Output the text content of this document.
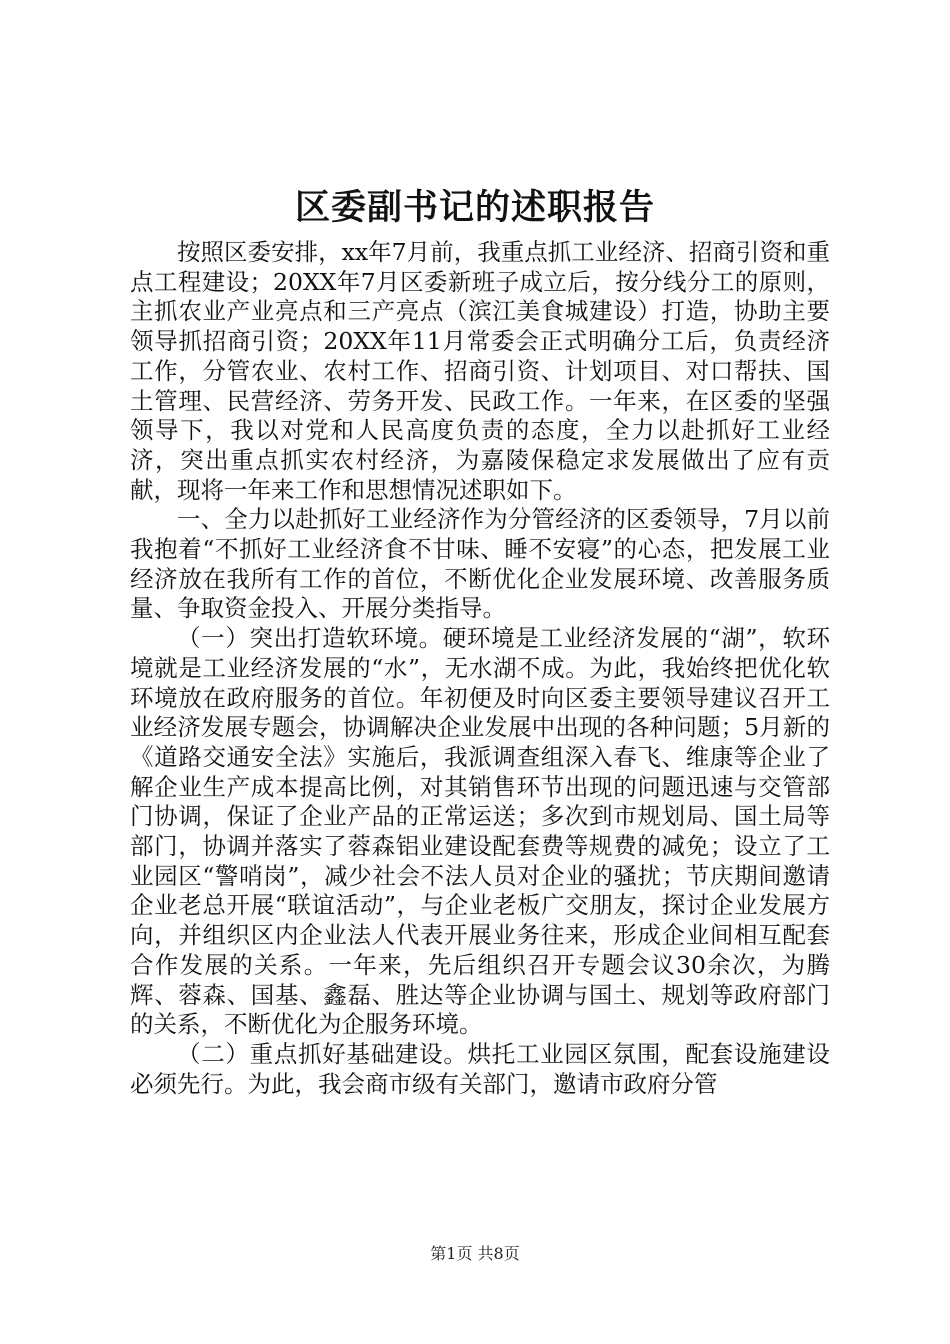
区委副书记的述职报告

按照区委安排，xx年7月前，我重点抓工业经济、招商引资和重点工程建设；20XX年7月区委新班子成立后，按分线分工的原则，主抓农业产业亮点和三产亮点（滨江美食城建设）打造，协助主要领导抓招商引资；20XX年11月常委会正式明确分工后，负责经济工作，分管农业、农村工作、招商引资、计划项目、对口帮扶、国土管理、民营经济、劳务开发、民政工作。一年来，在区委的坚强领导下，我以对党和人民高度负责的态度，全力以赴抓好工业经济，突出重点抓实农村经济，为嘉陵保稳定求发展做出了应有贡献，现将一年来工作和思想情况述职如下。

一、全力以赴抓好工业经济作为分管经济的区委领导，7月以前我抱着“不抓好工业经济食不甘味、睡不安寝”的心态，把发展工业经济放在我所有工作的首位，不断优化企业发展环境、改善服务质量、争取资金投入、开展分类指导。

（一）突出打造软环境。硬环境是工业经济发展的“湖”，软环境就是工业经济发展的“水”，无水湖不成。为此，我始终把优化软环境放在政府服务的首位。年初便及时向区委主要领导建议召开工业经济发展专题会，协调解决企业发展中出现的各种问题；5月新的《道路交通安全法》实施后，我派调查组深入春飞、维康等企业了解企业生产成本提高比例，对其销售环节出现的问题迅速与交管部门协调，保证了企业产品的正常运送；多次到市规划局、国土局等部门，协调并落实了蓉森铝业建设配套费等规费的减免；设立了工业园区“警哨岗”，减少社会不法人员对企业的骚扰；节庆期间邀请企业老总开展“联谊活动”，与企业老板广交朋友，探讨企业发展方向，并组织区内企业法人代表开展业务往来，形成企业间相互配套合作发展的关系。一年来，先后组织召开专题会议30余次，为腾辉、蓉森、国基、鑫磊、胜达等企业协调与国土、规划等政府部门的关系，不断优化为企服务环境。

（二）重点抓好基础建设。烘托工业园区氛围，配套设施建设必须先行。为此，我会商市级有关部门，邀请市政府分管

第1页 共8页
